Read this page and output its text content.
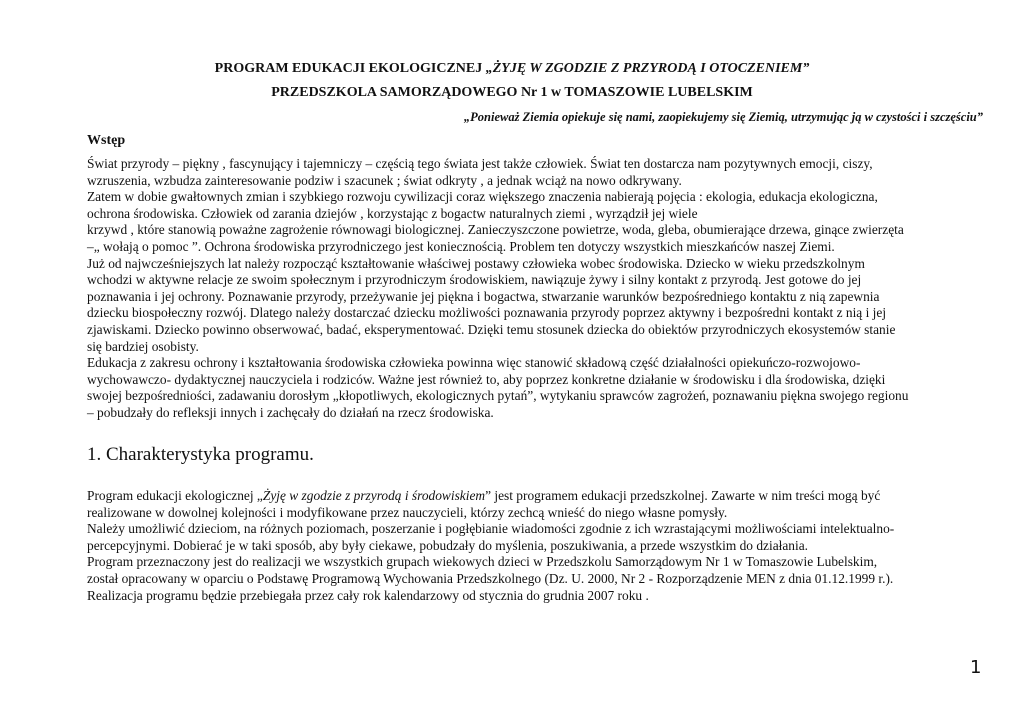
PROGRAM EDUKACJI EKOLOGICZNEJ „ŻYJĘ W ZGODZIE Z PRZYRODĄ I OTOCZENIEM”
PRZEDSZKOLA SAMORZĄDOWEGO Nr 1 w TOMASZOWIE LUBELSKIM
„Ponieważ Ziemia opiekuje się nami, zaopiekujemy się Ziemią, utrzymując ją w czystości i szczęściu”
Wstęp
Świat przyrody – piękny , fascynujący i tajemniczy – częścią tego świata jest także człowiek. Świat ten dostarcza nam pozytywnych emocji, ciszy,
wzruszenia, wzbudza zainteresowanie podziw i szacunek ; świat odkryty , a jednak wciąż na nowo odkrywany.
Zatem w dobie gwałtownych zmian i szybkiego rozwoju cywilizacji coraz większego znaczenia nabierają pojęcia : ekologia, edukacja ekologiczna,
ochrona środowiska. Człowiek od zarania dziejów , korzystając z bogactw naturalnych ziemi , wyrządził jej wiele
krzywd , które stanowią poważne zagrożenie równowagi biologicznej. Zanieczyszczone powietrze, woda, gleba, obumierające drzewa, ginące zwierzęta
–„ wołają o pomoc ”. Ochrona środowiska przyrodniczego jest koniecznością. Problem ten dotyczy wszystkich mieszkańców naszej Ziemi.
Już od najwcześniejszych lat należy rozpocząć kształtowanie właściwej postawy człowieka wobec środowiska. Dziecko w wieku przedszkolnym
wchodzi w aktywne relacje ze swoim społecznym i przyrodniczym środowiskiem, nawiązuje żywy i silny kontakt z przyrodą. Jest gotowe do jej
poznawania i jej ochrony. Poznawanie przyrody, przeżywanie jej piękna i bogactwa, stwarzanie warunków bezpośredniego kontaktu z nią zapewnia
dziecku biospołeczny rozwój. Dlatego należy dostarczać dziecku możliwości poznawania przyrody poprzez aktywny i bezpośredni kontakt z nią i jej
zjawiskami. Dziecko powinno obserwować, badać, eksperymentować. Dzięki temu stosunek dziecka do obiektów przyrodniczych ekosystemów stanie
się bardziej osobisty.
Edukacja z zakresu ochrony i kształtowania środowiska człowieka powinna więc stanowić składową część działalności opiekuńczo-rozwojowo-
wychowawczo- dydaktycznej nauczyciela i rodziców. Ważne jest również to, aby poprzez konkretne działanie w środowisku i dla środowiska, dzięki
swojej bezpośredniości, zadawaniu dorosłym „kłopotliwych, ekologicznych pytań”, wytykaniu sprawców zagrożeń, poznawaniu piękna swojego regionu
– pobudzały do refleksji innych i zachęcały do działań na rzecz środowiska.
1. Charakterystyka programu.
Program edukacji ekologicznej „Żyję w zgodzie z przyrodą i środowiskiem” jest programem edukacji przedszkolnej. Zawarte w nim treści mogą być
realizowane w dowolnej kolejności i modyfikowane przez nauczycieli, którzy zechcą wnieść do niego własne pomysły.
Należy umożliwić dzieciom, na różnych poziomach, poszerzanie i pogłębianie wiadomości zgodnie z ich wzrastającymi możliwościami intelektualno-
percepcyjnymi. Dobierać je w taki sposób, aby były ciekawe, pobudzały do myślenia, poszukiwania, a przede wszystkim do działania.
Program przeznaczony jest do realizacji we wszystkich grupach wiekowych dzieci w Przedszkolu Samorządowym Nr 1 w Tomaszowie Lubelskim,
został opracowany w oparciu o Podstawę Programową Wychowania Przedszkolnego (Dz. U. 2000, Nr 2 - Rozporządzenie MEN z dnia 01.12.1999 r.).
Realizacja programu będzie przebiegała przez cały rok kalendarzowy od stycznia do grudnia 2007 roku .
1
